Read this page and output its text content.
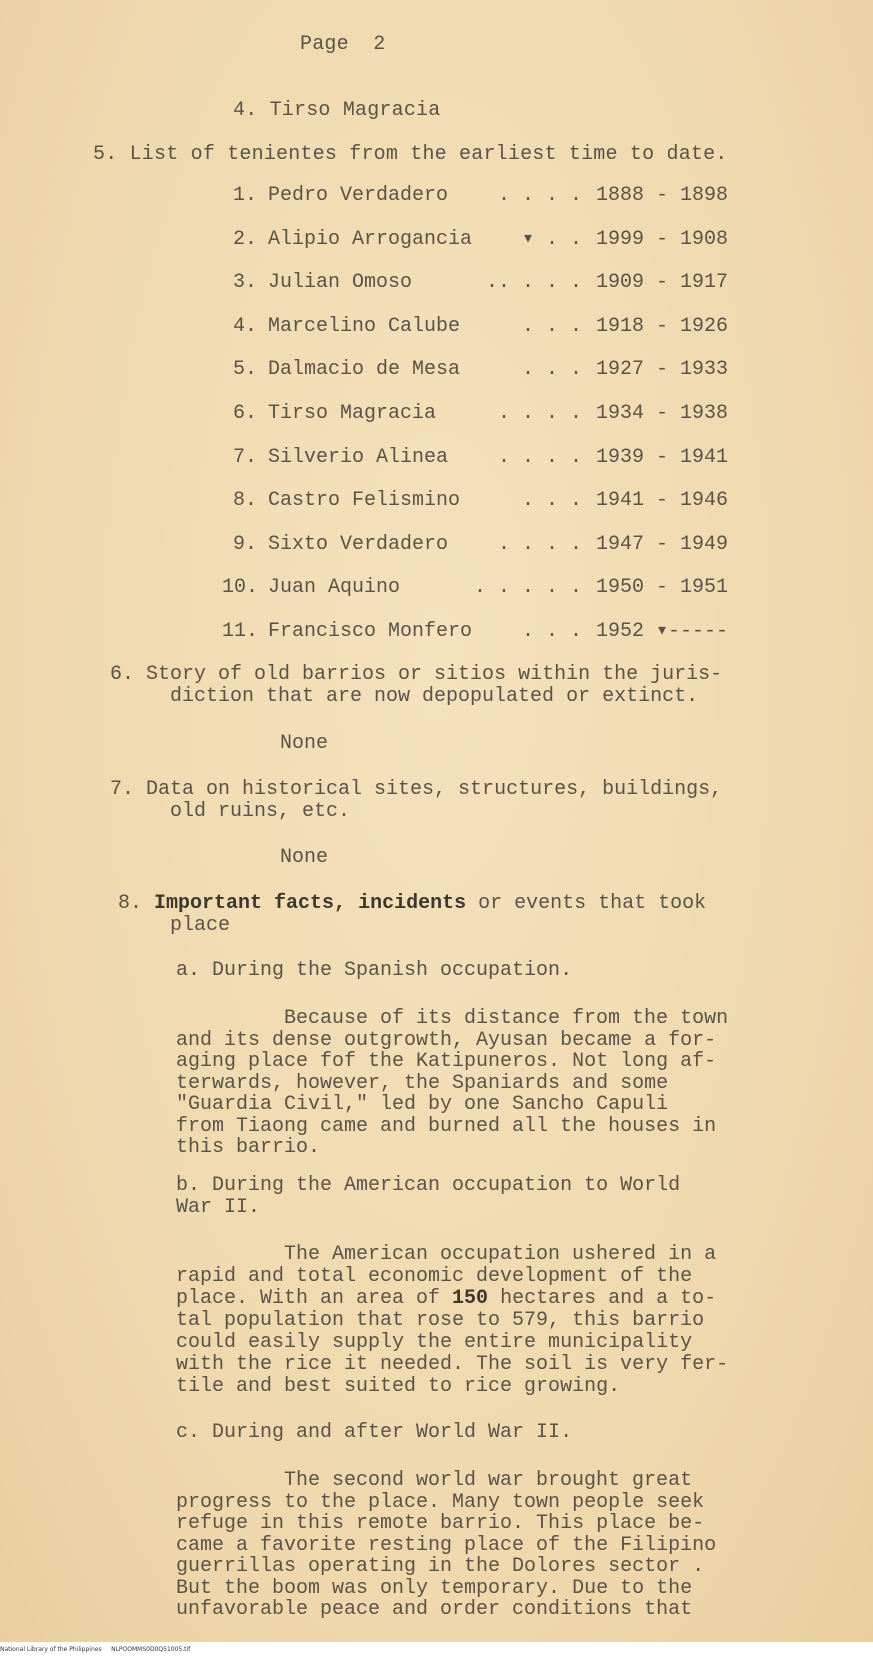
Page  2
4. Tirso Magracia
5. List of tenientes from the earliest time to date.
1. Pedro Verdadero	. . . . 1888 - 1898
2. Alipio Arrogancia	▾ . . 1999 - 1908
3. Julian Omoso	.. . . . 1909 - 1917
4. Marcelino Calube	. . . 1918 - 1926
5. Dalmacio de Mesa	. . . 1927 - 1933
6. Tirso Magracia	. . . . 1934 - 1938
7. Silverio Alinea	. . . . 1939 - 1941
8. Castro Felismino	. . . 1941 - 1946
9. Sixto Verdadero	. . . . 1947 - 1949
10. Juan Aquino	. . . . . 1950 - 1951
11. Francisco Monfero	. . . 1952 ▾-----
6. Story of old barrios or sitios within the juris-
diction that are now depopulated or extinct.
None
7. Data on historical sites, structures, buildings,
old ruins, etc.
None
8. Important facts, incidents or events that took
place
a. During the Spanish occupation.
Because of its distance from the town
and its dense outgrowth, Ayusan became a for-
aging place fof the Katipuneros. Not long af-
terwards, however, the Spaniards and some
"Guardia Civil," led by one Sancho Capuli
from Tiaong came and burned all the houses in
this barrio.
b. During the American occupation to World
War II.
The American occupation ushered in a
rapid and total economic development of the
place. With an area of 150 hectares and a to-
tal population that rose to 579, this barrio
could easily supply the entire municipality
with the rice it needed. The soil is very fer-
tile and best suited to rice growing.
c. During and after World War II.
The second world war brought great
progress to the place. Many town people seek
refuge in this remote barrio. This place be-
came a favorite resting place of the Filipino
guerrillas operating in the Dolores sector .
But the boom was only temporary. Due to the
unfavorable peace and order conditions that
National Library of the Philippines     NLPOOMMS0D0Q51005.tif
